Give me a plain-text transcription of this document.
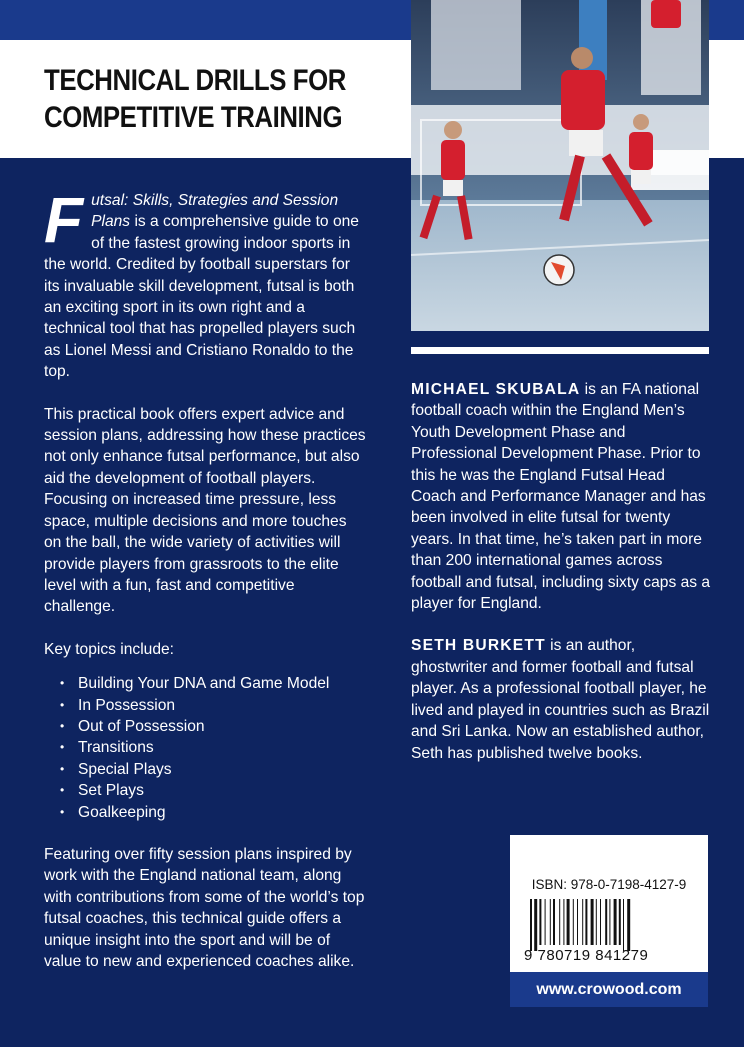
TECHNICAL DRILLS FOR
COMPETITIVE TRAINING

Futsal: Skills, Strategies and Session Plans is a comprehensive guide to one of the fastest growing indoor sports in the world. Credited by football superstars for its invaluable skill development, futsal is both an exciting sport in its own right and a technical tool that has propelled players such as Lionel Messi and Cristiano Ronaldo to the top.

This practical book offers expert advice and session plans, addressing how these practices not only enhance futsal performance, but also aid the development of football players. Focusing on increased time pressure, less space, multiple decisions and more touches on the ball, the wide variety of activities will provide players from grassroots to the elite level with a fun, fast and competitive challenge.

Key topics include:

• Building Your DNA and Game Model
• In Possession
• Out of Possession
• Transitions
• Special Plays
• Set Plays
• Goalkeeping

Featuring over fifty session plans inspired by work with the England national team, along with contributions from some of the world’s top futsal coaches, this technical guide offers a unique insight into the sport and will be of value to new and experienced coaches alike.

MICHAEL SKUBALA is an FA national football coach within the England Men’s Youth Development Phase and Professional Development Phase. Prior to this he was the England Futsal Head Coach and Performance Manager and has been involved in elite futsal for twenty years. In that time, he’s taken part in more than 200 international games across football and futsal, including sixty caps as a player for England.

SETH BURKETT is an author, ghostwriter and former football and futsal player. As a professional football player, he lived and played in countries such as Brazil and Sri Lanka. Now an established author, Seth has published twelve books.

ISBN: 978-0-7198-4127-9
9 780719 841279
www.crowood.com
